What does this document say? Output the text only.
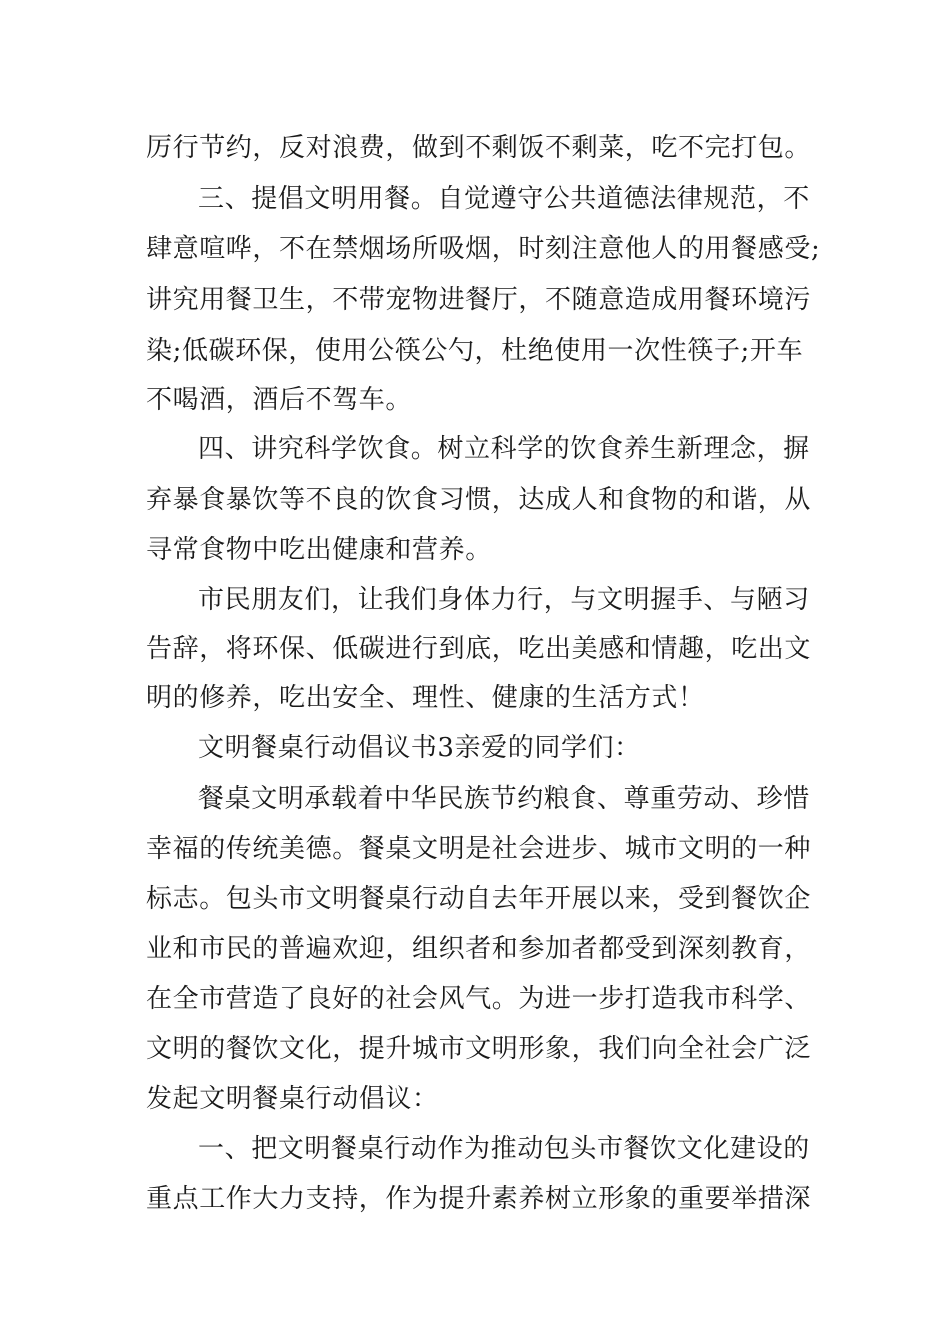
厉行节约，反对浪费，做到不剩饭不剩菜，吃不完打包。
三、提倡文明用餐。自觉遵守公共道德法律规范，不
肆意喧哗，不在禁烟场所吸烟，时刻注意他人的用餐感受;
讲究用餐卫生，不带宠物进餐厅，不随意造成用餐环境污
染;低碳环保，使用公筷公勺，杜绝使用一次性筷子;开车
不喝酒，酒后不驾车。
四、讲究科学饮食。树立科学的饮食养生新理念，摒
弃暴食暴饮等不良的饮食习惯，达成人和食物的和谐，从
寻常食物中吃出健康和营养。
市民朋友们，让我们身体力行，与文明握手、与陋习
告辞，将环保、低碳进行到底，吃出美感和情趣，吃出文
明的修养，吃出安全、理性、健康的生活方式！
文明餐桌行动倡议书3亲爱的同学们：
餐桌文明承载着中华民族节约粮食、尊重劳动、珍惜
幸福的传统美德。餐桌文明是社会进步、城市文明的一种
标志。包头市文明餐桌行动自去年开展以来，受到餐饮企
业和市民的普遍欢迎，组织者和参加者都受到深刻教育，
在全市营造了良好的社会风气。为进一步打造我市科学、
文明的餐饮文化，提升城市文明形象，我们向全社会广泛
发起文明餐桌行动倡议：
一、把文明餐桌行动作为推动包头市餐饮文化建设的
重点工作大力支持，作为提升素养树立形象的重要举措深
